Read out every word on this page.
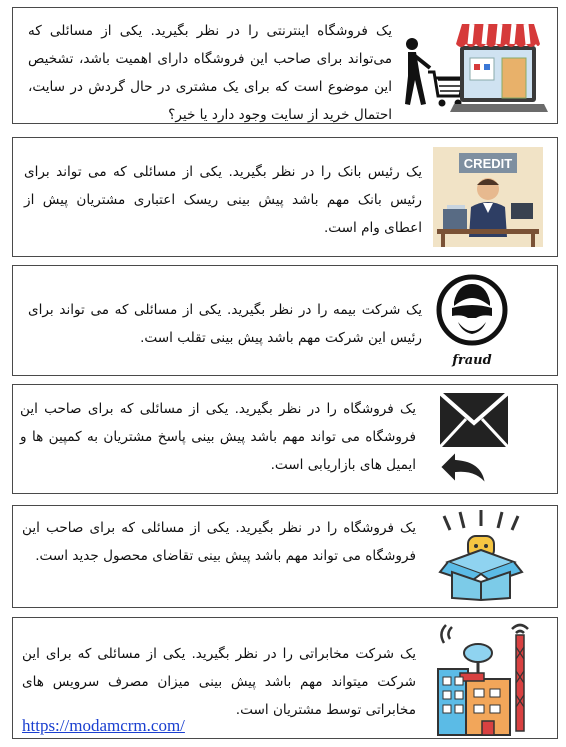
یک فروشگاه اینترنتی را در نظر بگیرید. یکی از مسائلی که می‌تواند برای صاحب این فروشگاه دارای اهمیت باشد، تشخیص این موضوع است که برای یک مشتری در حال گردش در سایت، احتمال خرید از سایت وجود دارد یا خیر؟
یک رئیس بانک را در نظر بگیرید. یکی از مسائلی که می تواند برای رئیس بانک مهم باشد پیش بینی ریسک اعتباری مشتریان پیش از اعطای وام است.
CREDIT
یک شرکت بیمه را در نظر بگیرید. یکی از مسائلی که می تواند برای رئیس این شرکت مهم باشد پیش بینی تقلب است.
fraud
یک فروشگاه را در نظر بگیرید. یکی از مسائلی که برای صاحب این فروشگاه می تواند مهم باشد پیش بینی پاسخ مشتریان به کمپین ها و ایمیل های بازاریابی است.
یک فروشگاه را در نظر بگیرید. یکی از مسائلی که برای صاحب این فروشگاه می تواند مهم باشد پیش بینی تقاضای محصول جدید است.
یک شرکت مخابراتی را در نظر بگیرید. یکی از مسائلی که برای این شرکت میتواند مهم باشد پیش بینی میزان مصرف سرویس های مخابراتی توسط مشتریان است.
https://modamcrm.com/
